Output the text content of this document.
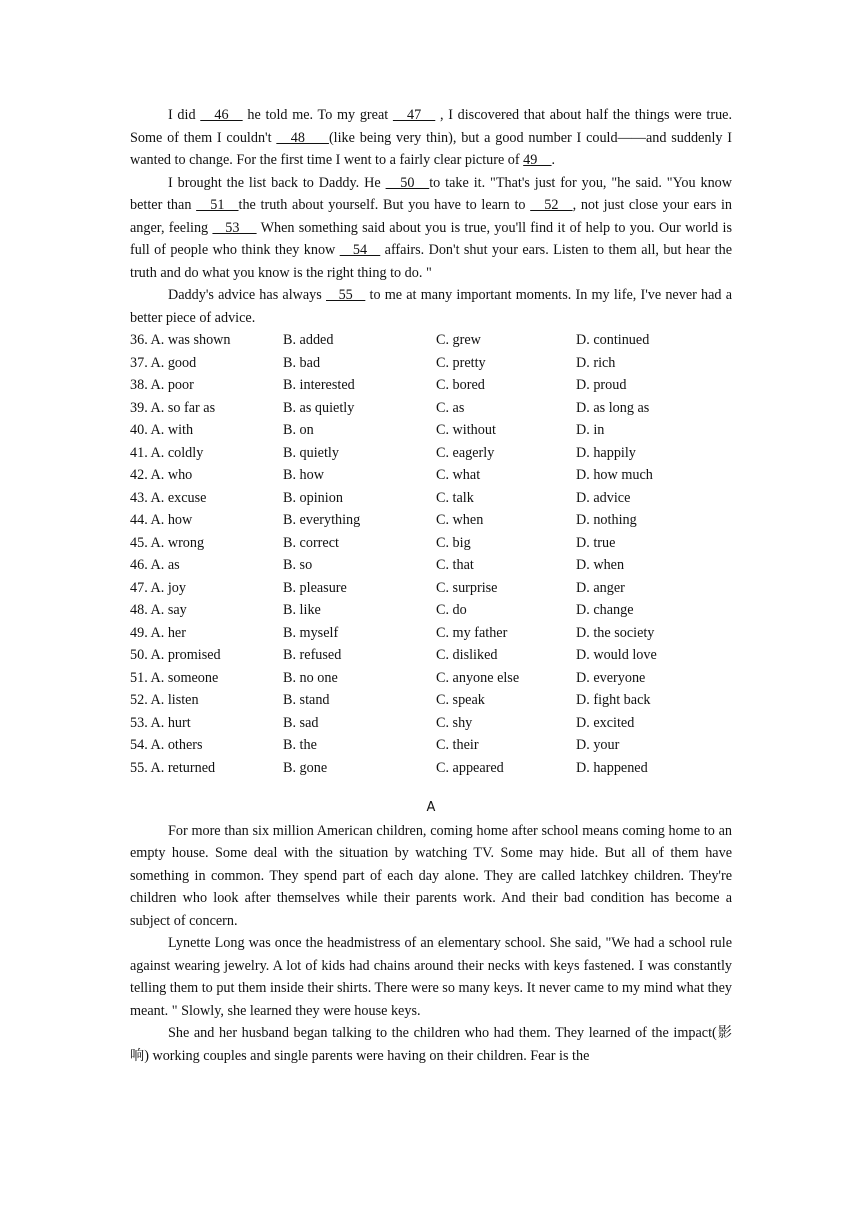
I did    46    he told me. To my great    47    , I discovered that about half the things were true. Some of them I couldn't    48     (like being very thin), but a good number I could——and suddenly I wanted to change. For the first time I went to a fairly clear picture of 49    .

I brought the list back to Daddy. He    50   to take it. "That's just for you, "he said. "You know better than    51   the truth about yourself. But you have to learn to    52   , not just close your ears in anger, feeling    53     When something said about you is true, you'll find it of help to you. Our world is full of people who think they know    54    affairs. Don't shut your ears. Listen to them all, but hear the truth and do what you know is the right thing to do. "

Daddy's advice has always    55    to me at many important moments. In my life, I've never had a better piece of advice.

36. A. was shown	B. added	C. grew	D. continued
37. A. good	B. bad	C. pretty	D. rich
38. A. poor	B. interested	C. bored	D. proud
39. A. so far as	B. as quietly	C. as	D. as long as
40. A. with	B. on	C. without	D. in
41. A. coldly	B. quietly	C. eagerly	D. happily
42. A. who	B. how	C. what	D. how much
43. A. excuse	B. opinion	C. talk	D. advice
44. A. how	B. everything	C. when	D. nothing
45. A. wrong	B. correct	C. big	D. true
46. A. as	B. so	C. that	D. when
47. A. joy	B. pleasure	C. surprise	D. anger
48. A. say	B. like	C. do	D. change
49. A. her	B. myself	C. my father	D. the society
50. A. promised	B. refused	C. disliked	D. would love
51. A. someone	B. no one	C. anyone else	D. everyone
52. A. listen	B. stand	C. speak	D. fight back
53. A. hurt	B. sad	C. shy	D. excited
54. A. others	B. the	C. their	D. your
55. A. returned	B. gone	C. appeared	D. happened
A

For more than six million American children, coming home after school means coming home to an empty house. Some deal with the situation by watching TV. Some may hide. But all of them have something in common. They spend part of each day alone. They are called latchkey children. They're children who look after themselves while their parents work. And their bad condition has become a subject of concern.

Lynette Long was once the headmistress of an elementary school. She said, "We had a school rule against wearing jewelry. A lot of kids had chains around their necks with keys fastened. I was constantly telling them to put them inside their shirts. There were so many keys. It never came to my mind what they meant. " Slowly, she learned they were house keys.

She and her husband began talking to the children who had them. They learned of the impact(影响) working couples and single parents were having on their children. Fear is the
